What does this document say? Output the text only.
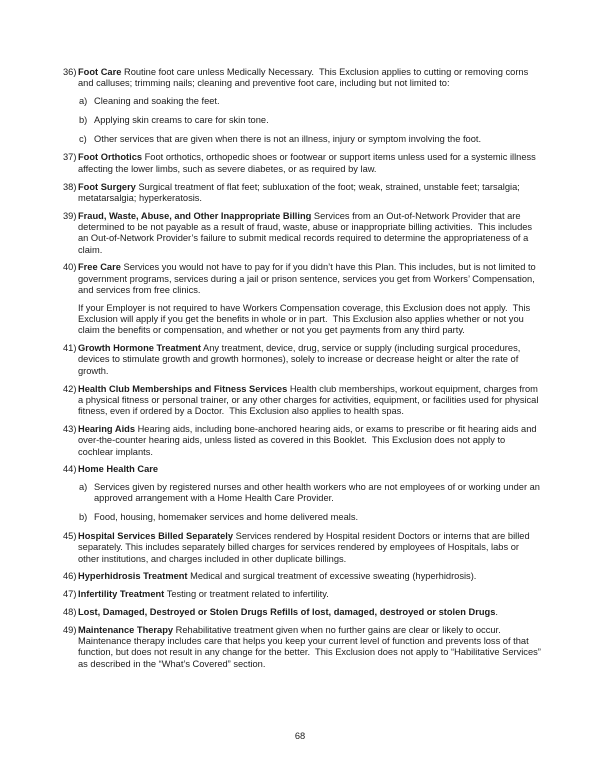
36) Foot Care Routine foot care unless Medically Necessary.  This Exclusion applies to cutting or removing corns and calluses; trimming nails; cleaning and preventive foot care, including but not limited to:
a) Cleaning and soaking the feet.
b) Applying skin creams to care for skin tone.
c) Other services that are given when there is not an illness, injury or symptom involving the foot.
37) Foot Orthotics Foot orthotics, orthopedic shoes or footwear or support items unless used for a systemic illness affecting the lower limbs, such as severe diabetes, or as required by law.
38) Foot Surgery Surgical treatment of flat feet; subluxation of the foot; weak, strained, unstable feet; tarsalgia; metatarsalgia; hyperkeratosis.
39) Fraud, Waste, Abuse, and Other Inappropriate Billing Services from an Out-of-Network Provider that are determined to be not payable as a result of fraud, waste, abuse or inappropriate billing activities.  This includes an Out-of-Network Provider’s failure to submit medical records required to determine the appropriateness of a claim.
40) Free Care Services you would not have to pay for if you didn’t have this Plan. This includes, but is not limited to government programs, services during a jail or prison sentence, services you get from Workers’ Compensation, and services from free clinics.
If your Employer is not required to have Workers Compensation coverage, this Exclusion does not apply.  This Exclusion will apply if you get the benefits in whole or in part.  This Exclusion also applies whether or not you claim the benefits or compensation, and whether or not you get payments from any third party.
41) Growth Hormone Treatment Any treatment, device, drug, service or supply (including surgical procedures, devices to stimulate growth and growth hormones), solely to increase or decrease height or alter the rate of growth.
42) Health Club Memberships and Fitness Services Health club memberships, workout equipment, charges from a physical fitness or personal trainer, or any other charges for activities, equipment, or facilities used for physical fitness, even if ordered by a Doctor.  This Exclusion also applies to health spas.
43) Hearing Aids Hearing aids, including bone-anchored hearing aids, or exams to prescribe or fit hearing aids and over-the-counter hearing aids, unless listed as covered in this Booklet.  This Exclusion does not apply to cochlear implants.
44) Home Health Care
a) Services given by registered nurses and other health workers who are not employees of or working under an approved arrangement with a Home Health Care Provider.
b) Food, housing, homemaker services and home delivered meals.
45) Hospital Services Billed Separately Services rendered by Hospital resident Doctors or interns that are billed separately. This includes separately billed charges for services rendered by employees of Hospitals, labs or other institutions, and charges included in other duplicate billings.
46) Hyperhidrosis Treatment Medical and surgical treatment of excessive sweating (hyperhidrosis).
47) Infertility Treatment Testing or treatment related to infertility.
48) Lost, Damaged, Destroyed or Stolen Drugs Refills of lost, damaged, destroyed or stolen Drugs.
49) Maintenance Therapy Rehabilitative treatment given when no further gains are clear or likely to occur.  Maintenance therapy includes care that helps you keep your current level of function and prevents loss of that function, but does not result in any change for the better.  This Exclusion does not apply to “Habilitative Services” as described in the “What’s Covered” section.
68
